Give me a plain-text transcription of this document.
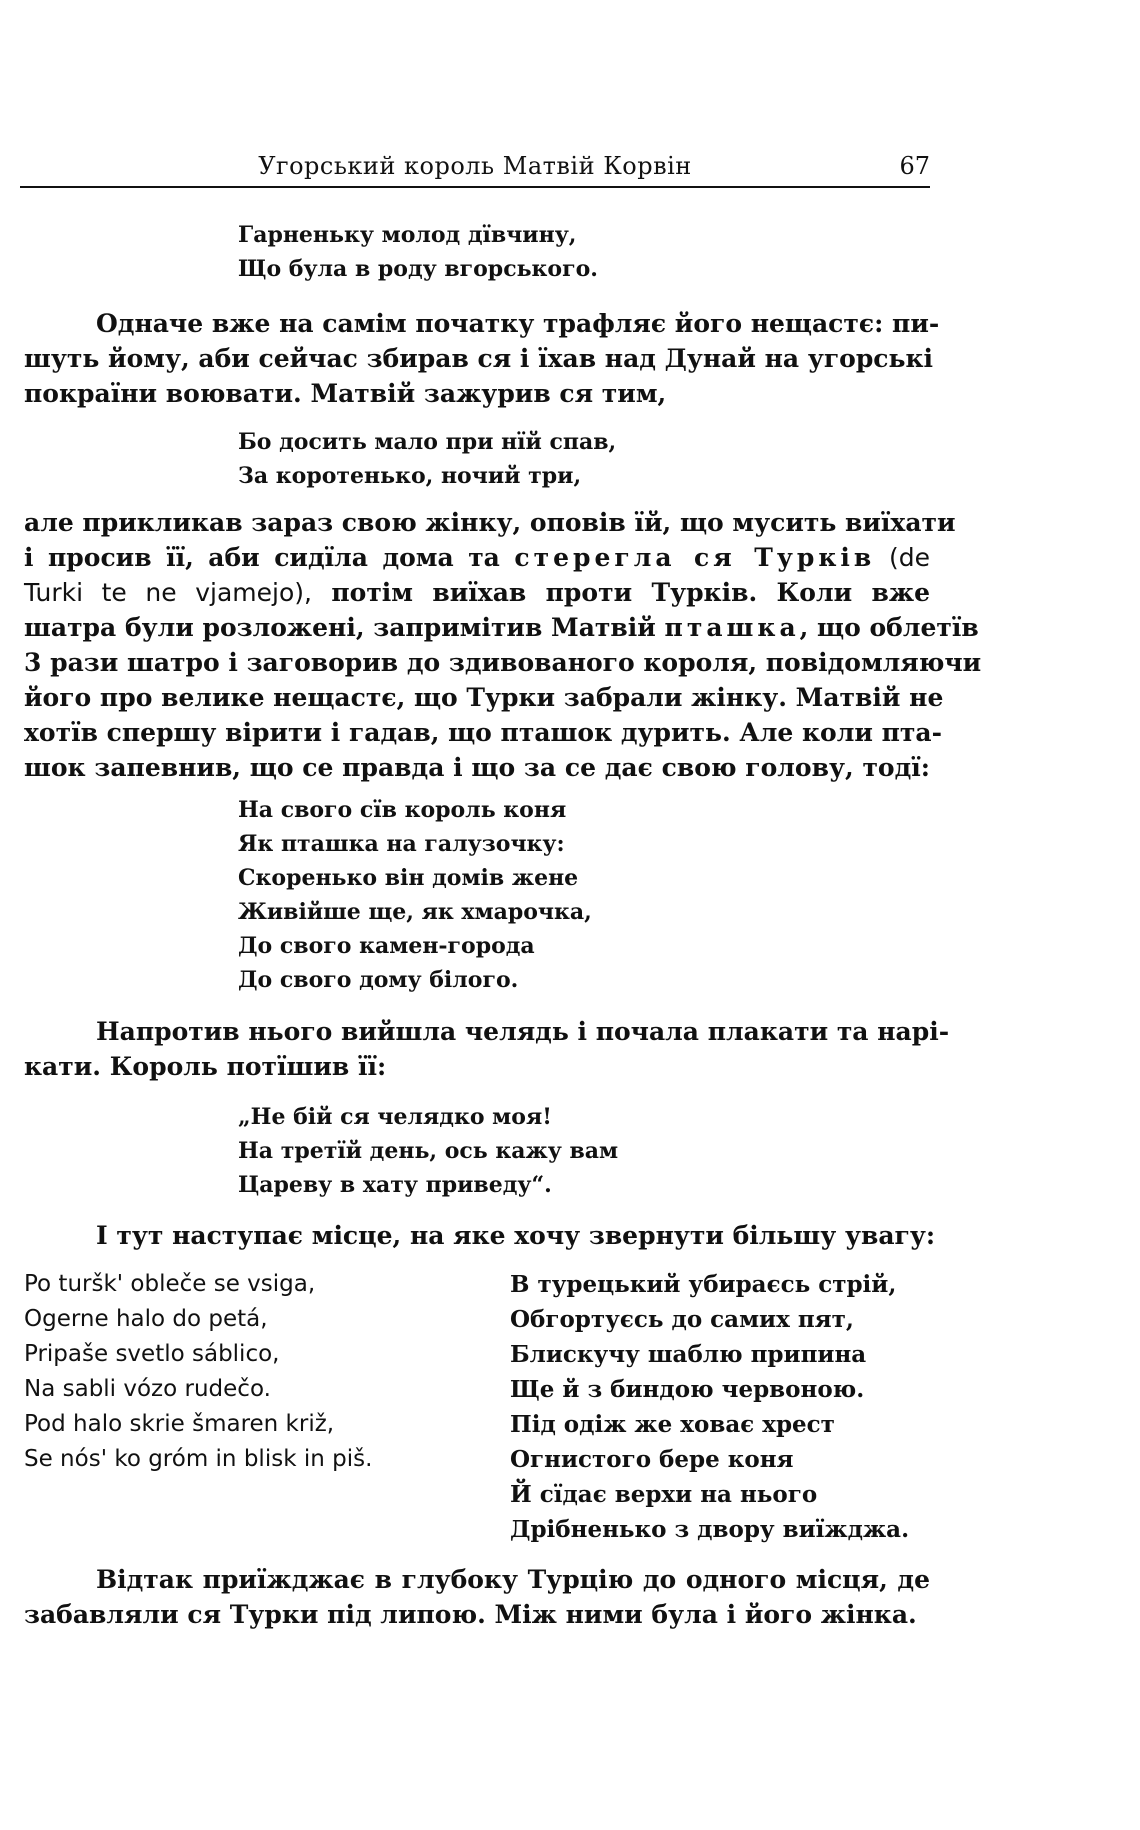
Угорський король Матвій Корвін	67
Гарненьку молод дївчину,
Що була в роду вгорського.
Одначе вже на самім початку трафляє його нещастє: пи-
шуть йому, аби сейчас збирав ся і їхав над Дунай на угорські
покраїни воювати. Матвій зажурив ся тим,
Бо досить мало при нїй спав,
За коротенько, ночий три,
але прикликав зараз свою жінку, оповів їй, що мусить виїхати
і просив її, аби сидїла дома та стерегла ся Турків (de
Turki te ne vjamejo), потім виїхав проти Турків. Коли вже
шатра були розложені, запримітив Матвій пташка, що облетїв
3 рази шатро і заговорив до здивованого короля, повідомляючи
його про велике нещастє, що Турки забрали жінку. Матвій не
хотїв спершу вірити і гадав, що пташок дурить. Але коли пта-
шок запевнив, що се правда і що за се дає свою голову, тодї:
На свого сїв король коня
Як пташка на галузочку:
Скоренько він домів жене
Живійше ще, як хмарочка,
До свого камен-города
До свого дому білого.
Напротив нього вийшла челядь і почала плакати та нарі-
кати. Король потїшив її:
„Не бій ся челядко моя!
На третїй день, ось кажу вам
Цареву в хату приведу“.
І тут наступає місце, на яке хочу звернути більшу увагу:
Po turšk' obleče se vsiga,
Ogerne halo do petá,
Pripaše svetlo sáblico,
Na sabli vózo rudečo.
Pod halo skrie šmaren križ,
Se nós' ko gróm in blisk in piš.
В турецький убираєсь стрій,
Обгортуєсь до самих пят,
Блискучу шаблю припина
Ще й з биндою червоною.
Під одіж же ховає хрест
Огнистого бере коня
Й сїдає верхи на нього
Дрібненько з двору виїжджа.
Відтак приїжджає в глубоку Турцію до одного місця, де
забавляли ся Турки під липою. Між ними була і його жінка.
